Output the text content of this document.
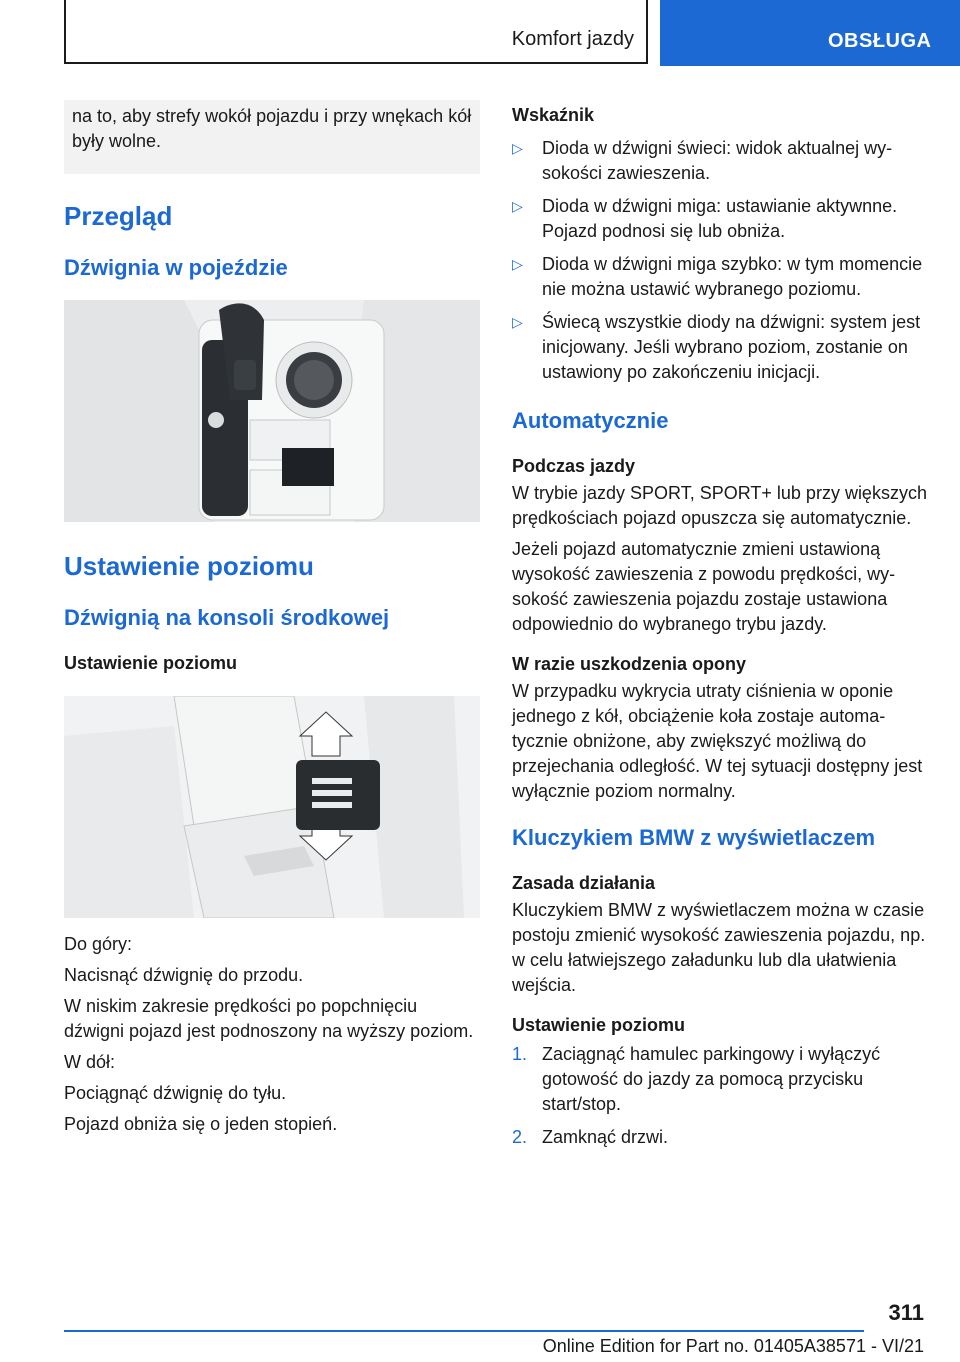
Komfort jazdy	OBSŁUGA

na to, aby strefy wokół pojazdu i przy wnękach kół były wolne.

Przegląd
Dźwignia w pojeździe
Ustawienie poziomu
Dźwignią na konsoli środkowej
Ustawienie poziomu

Do góry:

Nacisnąć dźwignię do przodu.

W niskim zakresie prędkości po popchnięciu dźwigni pojazd jest podnoszony na wyższy poziom.

W dół:

Pociągnąć dźwignię do tyłu.

Pojazd obniża się o jeden stopień.

Wskaźnik
▷ Dioda w dźwigni świeci: widok aktualnej wysokości zawieszenia.
▷ Dioda w dźwigni miga: ustawianie aktywnne. Pojazd podnosi się lub obniża.
▷ Dioda w dźwigni miga szybko: w tym momencie nie można ustawić wybranego poziomu.
▷ Świecą wszystkie diody na dźwigni: system jest inicjowany. Jeśli wybrano poziom, zostanie on ustawiony po zakończeniu inicjacji.
Automatycznie
Podczas jazdy

W trybie jazdy SPORT, SPORT+ lub przy większych prędkościach pojazd opuszcza się automatycznie.

Jeżeli pojazd automatycznie zmieni ustawioną wysokość zawieszenia z powodu prędkości, wysokość zawieszenia pojazdu zostaje ustawiona odpowiednio do wybranego trybu jazdy.

W razie uszkodzenia opony

W przypadku wykrycia utraty ciśnienia w oponie jednego z kół, obciążenie koła zostaje automatycznie obniżone, aby zwiększyć możliwą do przejechania odległość. W tej sytuacji dostępny jest wyłącznie poziom normalny.

Kluczykiem BMW z wyświetlaczem
Zasada działania

Kluczykiem BMW z wyświetlaczem można w czasie postoju zmienić wysokość zawieszenia pojazdu, np. w celu łatwiejszego załadunku lub dla ułatwienia wejścia.

Ustawienie poziomu
1. Zaciągnąć hamulec parkingowy i wyłączyć gotowość do jazdy za pomocą przycisku start/stop.
2. Zamknąć drzwi.
311
Online Edition for Part no. 01405A38571 - VI/21
